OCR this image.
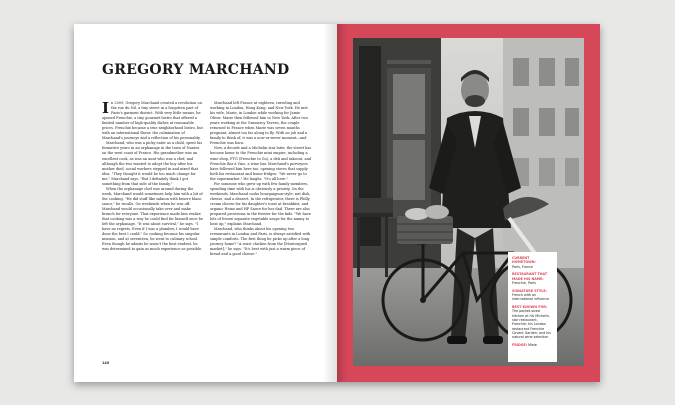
GREGORY MARCHAND

In 2009, Gregory Marchand created a revolution on the rue du Nil, a tiny street in a forgotten part of Paris's garment district. With very little means, he opened Frenchie, a tiny gourmet bistro that offered a limited number of high-quality dishes at reasonable prices. Frenchie became a true neighborhood bistro, but with an international flavor, the culmination of Marchand's journeys and a reflection of his personality.

Marchand, who was a picky eater as a child, spent his formative years in an orphanage in the town of Nantes on the west coast of France. His grandmother was an excellent cook, as was an aunt who was a chef, and although the two wanted to adopt the boy after his mother died, social workers stepped in and nixed that idea. "They thought it would be too much change for me," Marchand says. "But I definitely think I got something from that side of the family."

When the orphanage chef was around during the week, Marchand would sometimes help him with a bit of the cooking. "He did stuff like salmon with beurre blanc sauce," he recalls. On weekends when he was off, Marchand would occasionally take over and make brunch for everyone. That experience made him realize that cooking was a way he could find for himself once he left the orphanage. "It was about survival," he says. "I have no regrets. Even if I was a plumber, I would have done the best I could." So cooking became his singular mission, and at seventeen, he went to culinary school. Even though he admits he wasn't the best student, he was determined to gain as much experience as possible.

Marchand left France at eighteen, traveling and working in London, Hong Kong, and New York. He met his wife, Marie, in London while working for Jamie Oliver. Marie then followed him to New York. After two years working at the Gramercy Tavern, the couple returned to France when Marie was seven months pregnant, almost too far along to fly. With no job and a family to think of, it was a now-or-never moment—and Frenchie was born.

Now, a decade and a Michelin star later, the street has become home to the Frenchie mini empire, including a wine shop, FTG (Frenchie to Go), a deli and takeout, and Frenchie Bar à Vins, a wine bar. Marchand's purveyors have followed him here too, opening stores that supply both his restaurant and home fridges: "We never go to the supermarket." He laughs. "It's all here."

For someone who grew up with few family members, spending time with his is obviously a priority. On the weekends, Marchand cooks bourguignon-style: nut dish, cheese, and a dessert. In the refrigerator, there is Philly cream cheese for his daughter's toast at breakfast, and organic Heinz and HP Sauce for her dad. There are also prepared provisions in the freezer for the kids. "We have lots of frozen separate vegetable soups for the nanny to heat up," explains Marchand.

Marchand, who thinks about his opening two restaurants in London and Paris, is always satisfied with simple comforts. The first thing he picks up after a long journey home? "A roast chicken from the [Montorgueil market]," he says. "It's best with just a warm piece of bread and a good cheese."

140
CURRENT HOMETOWN:
Paris, France
RESTAURANT THAT MADE HIS NAME:
Frenchie, Paris
SIGNATURE STYLE:
French with an international influence
BEST KNOWN FOR:
The pocket-sized kitchen at his Michelin-star restaurant, Frenchie; his London restaurant Frenchie Covent Garden; and his natural wine selection
FRIDGE: Miele
